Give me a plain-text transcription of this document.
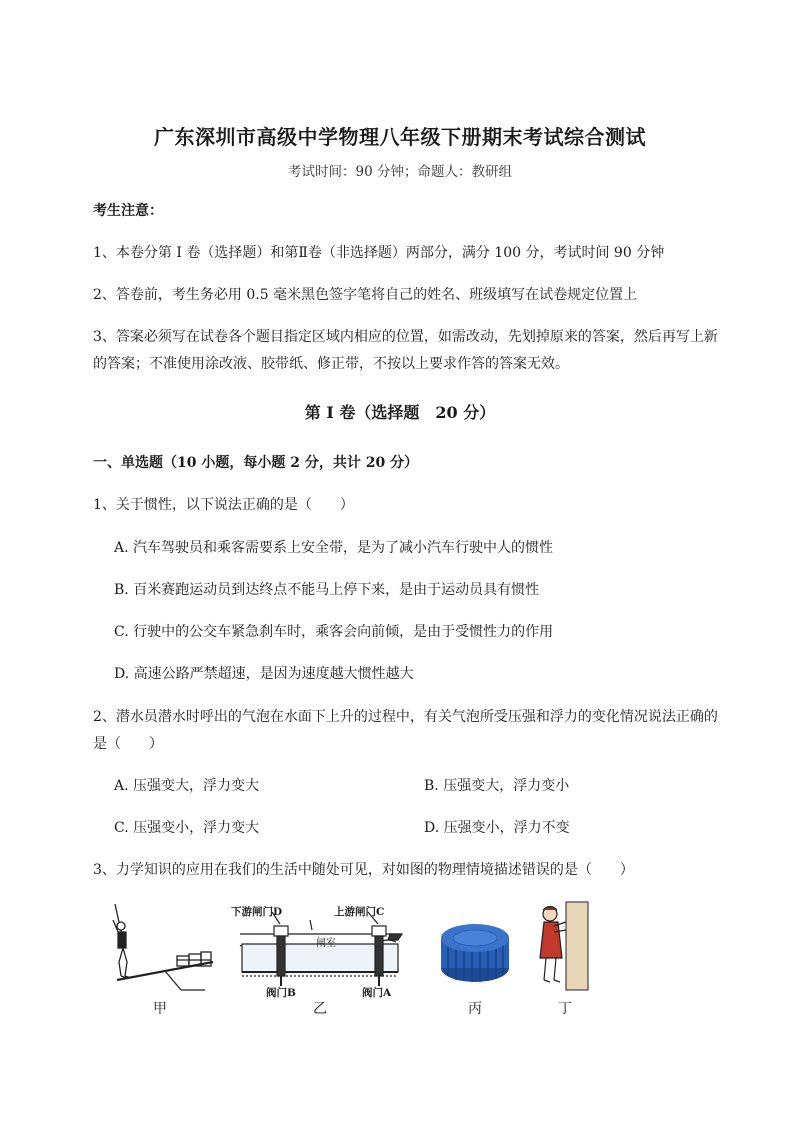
广东深圳市高级中学物理八年级下册期末考试综合测试
考试时间：90 分钟；命题人：教研组
考生注意：
1、本卷分第 I 卷（选择题）和第Ⅱ卷（非选择题）两部分，满分 100 分，考试时间 90 分钟
2、答卷前，考生务必用 0.5 毫米黑色签字笔将自己的姓名、班级填写在试卷规定位置上
3、答案必须写在试卷各个题目指定区域内相应的位置，如需改动，先划掉原来的答案，然后再写上新
的答案；不准使用涂改液、胶带纸、修正带，不按以上要求作答的答案无效。
第 I 卷（选择题　20 分）
一、单选题（10 小题，每小题 2 分，共计 20 分）
1、关于惯性，以下说法正确的是（　　）
A. 汽车驾驶员和乘客需要系上安全带，是为了减小汽车行驶中人的惯性
B. 百米赛跑运动员到达终点不能马上停下来，是由于运动员具有惯性
C. 行驶中的公交车紧急刹车时，乘客会向前倾，是由于受惯性力的作用
D. 高速公路严禁超速，是因为速度越大惯性越大
2、潜水员潜水时呼出的气泡在水面下上升的过程中，有关气泡所受压强和浮力的变化情况说法正确的
是（　　）
A. 压强变大，浮力变大	B. 压强变大，浮力变小
C. 压强变小，浮力变大	D. 压强变小，浮力不变
3、力学知识的应用在我们的生活中随处可见，对如图的物理情境描述错误的是（　　）
甲
下游闸门D	上游闸门C
闸室
阀门B	阀门A
乙	丙	丁
